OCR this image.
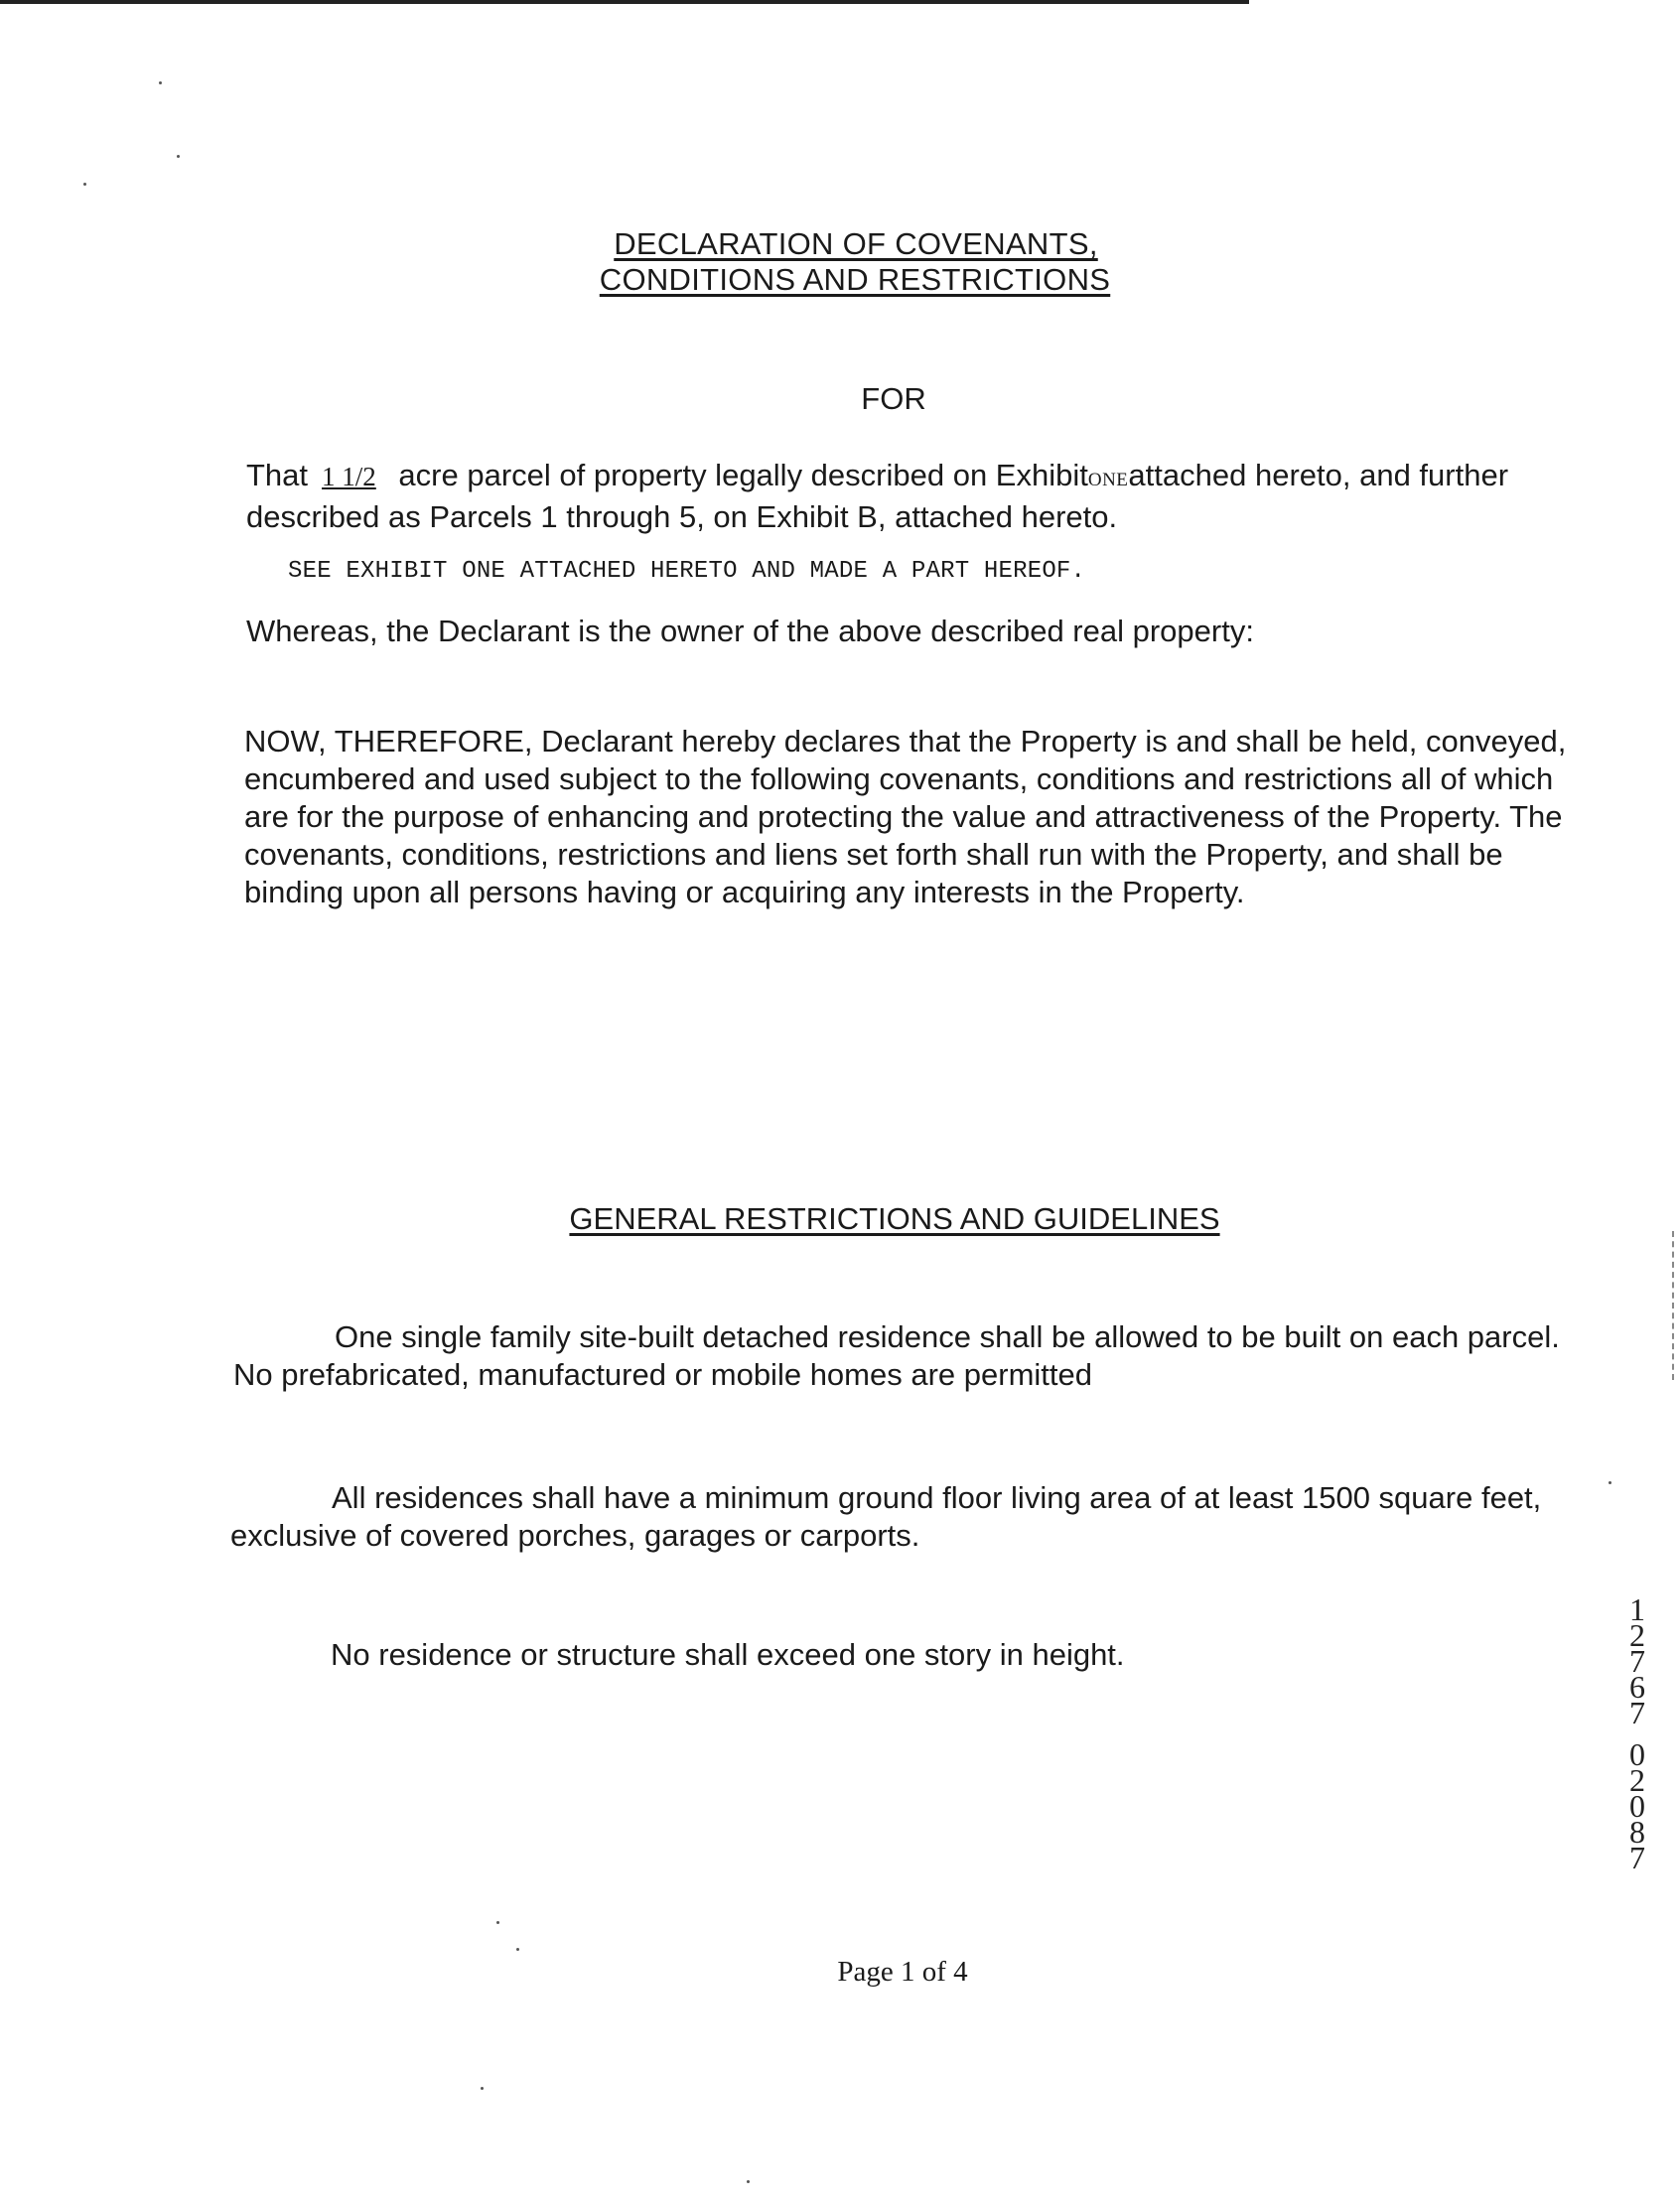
DECLARATION OF COVENANTS,
CONDITIONS AND RESTRICTIONS
FOR
That 1 1/2 acre parcel of property legally described on ExhibitONEattached hereto, and further described as Parcels 1 through 5, on Exhibit B, attached hereto.
SEE EXHIBIT ONE ATTACHED HERETO AND MADE A PART HEREOF.
Whereas, the Declarant is the owner of the above described real property:
NOW, THEREFORE, Declarant hereby declares that the Property is and shall be held, conveyed, encumbered and used subject to the following covenants, conditions and restrictions all of which are for the purpose of enhancing and protecting the value and attractiveness of the Property. The covenants, conditions, restrictions and liens set forth shall run with the Property, and shall be binding upon all persons having or acquiring any interests in the Property.
GENERAL RESTRICTIONS AND GUIDELINES
One single family site-built detached residence shall be allowed to be built on each parcel. No prefabricated, manufactured or mobile homes are permitted
All residences shall have a minimum ground floor living area of at least 1500 square feet, exclusive of covered porches, garages or carports.
No residence or structure shall exceed one story in height.
Page 1 of 4
1
2
7
6
7
0
2
0
8
7
